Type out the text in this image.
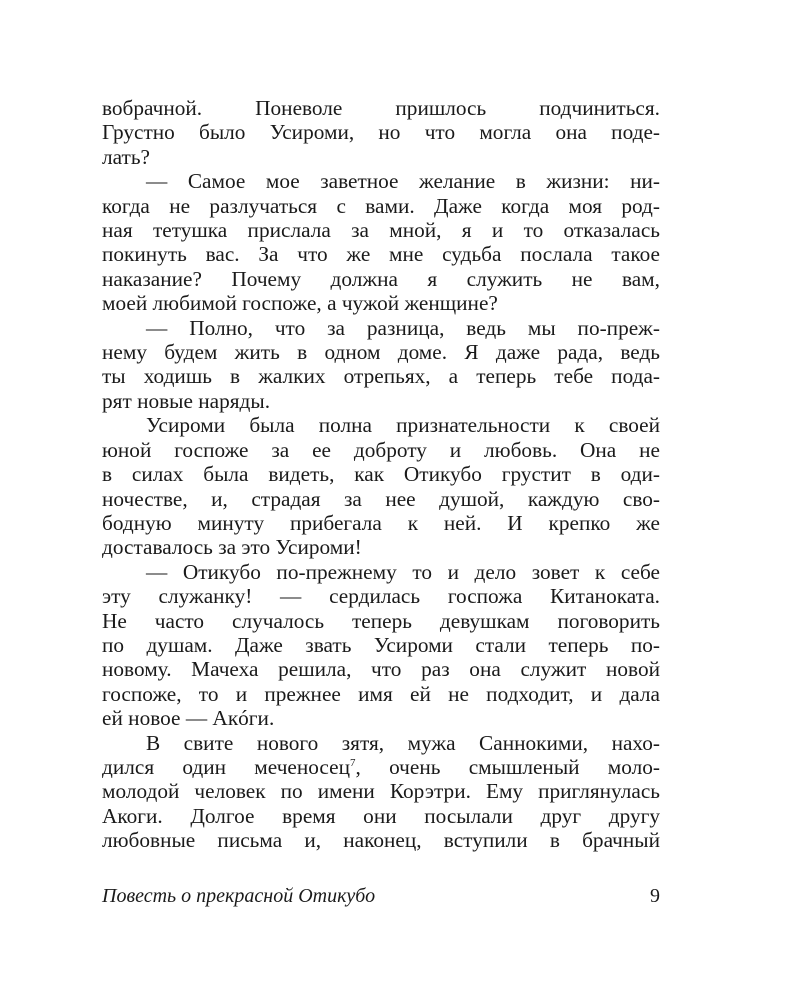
вобрачной. Поневоле пришлось подчиниться.
Грустно было Усироми, но что могла она поде-
лать?
— Самое мое заветное желание в жизни: ни-
когда не разлучаться с вами. Даже когда моя род-
ная тетушка прислала за мной, я и то отказалась
покинуть вас. За что же мне судьба послала такое
наказание? Почему должна я служить не вам,
моей любимой госпоже, а чужой женщине?
— Полно, что за разница, ведь мы по-преж-
нему будем жить в одном доме. Я даже рада, ведь
ты ходишь в жалких отрепьях, а теперь тебе пода-
рят новые наряды.
Усироми была полна признательности к своей
юной госпоже за ее доброту и любовь. Она не
в силах была видеть, как Отикубо грустит в оди-
ночестве, и, страдая за нее душой, каждую сво-
бодную минуту прибегала к ней. И крепко же
доставалось за это Усироми!
— Отикубо по-прежнему то и дело зовет к себе
эту служанку! — сердилась госпожа Китаноката.
Не часто случалось теперь девушкам поговорить
по душам. Даже звать Усироми стали теперь по-
новому. Мачеха решила, что раз она служит новой
госпоже, то и прежнее имя ей не подходит, и дала
ей новое — Акóги.
В свите нового зятя, мужа Саннокими, нахо-
дился один меченосец$^7$, очень смышленый моло-
молодой человек по имени Корэтри. Ему приглянулась
Акоги. Долгое время они посылали друг другу
любовные письма и, наконец, вступили в брачный
Повесть о прекрасной Отикубо	9
